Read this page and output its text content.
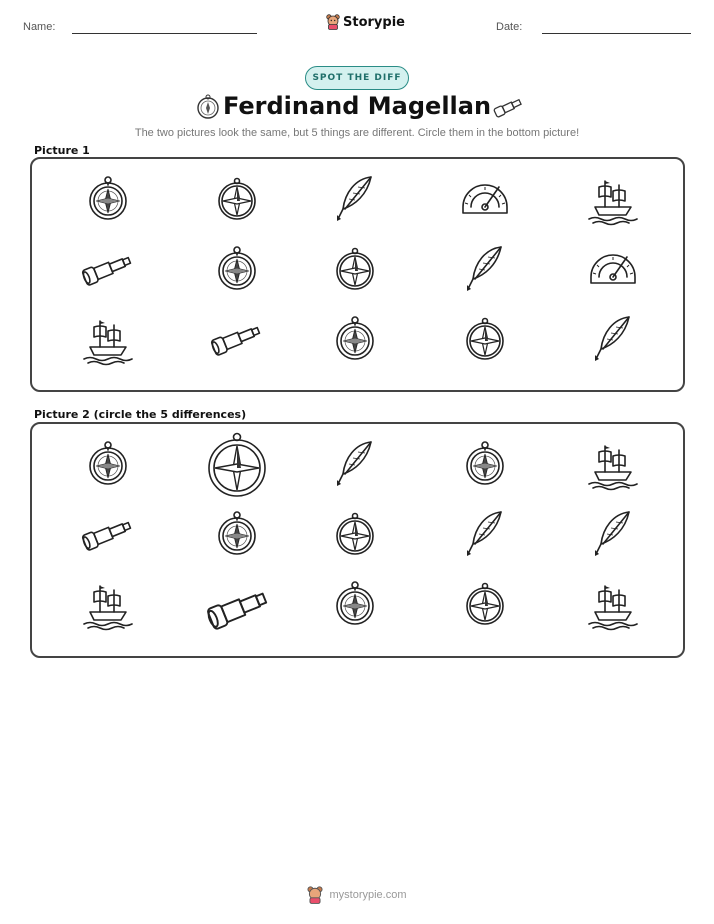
Name:	Storypie	Date:
SPOT THE DIFF
Ferdinand Magellan
The two pictures look the same, but 5 things are different. Circle them in the bottom picture!
Picture 1
Picture 2 (circle the 5 differences)
mystorypie.com
